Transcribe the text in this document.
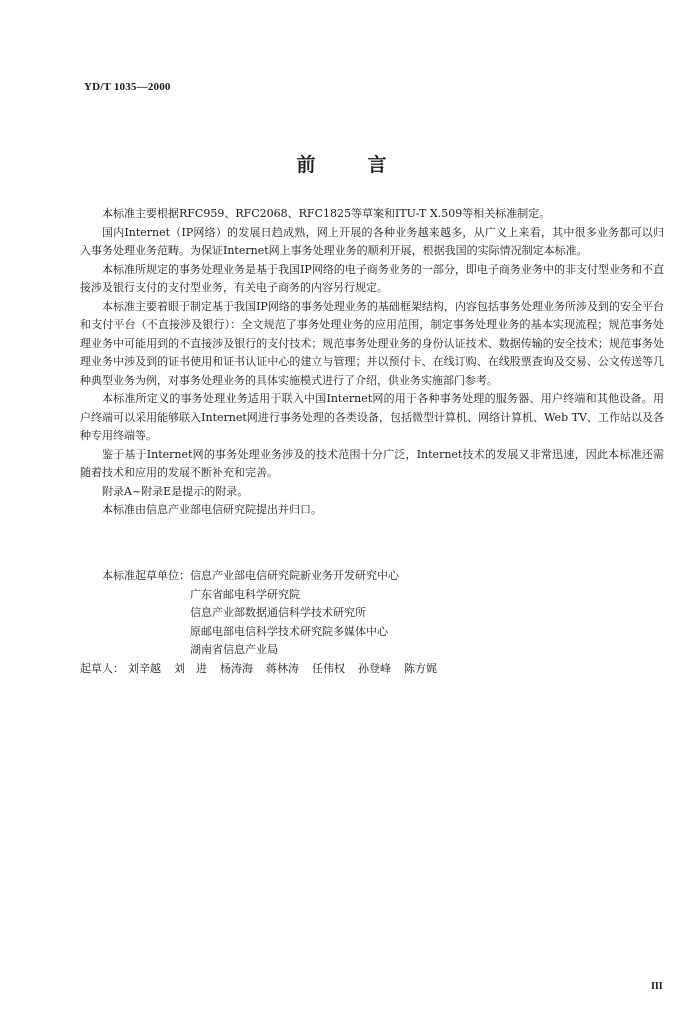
YD/T 1035—2000
前言

本标准主要根据RFC959、RFC2068、RFC1825等草案和ITU-T X.509等相关标准制定。

国内Internet（IP网络）的发展日趋成熟，网上开展的各种业务越来越多，从广义上来看，其中很多业务都可以归入事务处理业务范畴。为保证Internet网上事务处理业务的顺利开展，根据我国的实际情况制定本标准。

本标准所规定的事务处理业务是基于我国IP网络的电子商务业务的一部分，即电子商务业务中的非支付型业务和不直接涉及银行支付的支付型业务，有关电子商务的内容另行规定。

本标准主要着眼于制定基于我国IP网络的事务处理业务的基础框架结构，内容包括事务处理业务所涉及到的安全平台和支付平台（不直接涉及银行）：全文规范了事务处理业务的应用范围，制定事务处理业务的基本实现流程；规范事务处理业务中可能用到的不直接涉及银行的支付技术；规范事务处理业务的身份认证技术、数据传输的安全技术；规范事务处理业务中涉及到的证书使用和证书认证中心的建立与管理；并以预付卡、在线订购、在线股票查询及交易、公文传送等几种典型业务为例，对事务处理业务的具体实施模式进行了介绍，供业务实施部门参考。

本标准所定义的事务处理业务适用于联入中国Internet网的用于各种事务处理的服务器、用户终端和其他设备。用户终端可以采用能够联入Internet网进行事务处理的各类设备，包括微型计算机、网络计算机、Web TV、工作站以及各种专用终端等。

鉴于基于Internet网的事务处理业务涉及的技术范围十分广泛，Internet技术的发展又非常迅速，因此本标准还需随着技术和应用的发展不断补充和完善。

附录A~附录E是提示的附录。

本标准由信息产业部电信研究院提出并归口。

本标准起草单位： 信息产业部电信研究院新业务开发研究中心
广东省邮电科学研究院
信息产业部数据通信科学技术研究所
原邮电部电信科学技术研究院多媒体中心
湖南省信息产业局
起草人： 刘辛越 刘　进 杨涛海 蒋林涛 任伟权 孙登峰 陈方娓
III
